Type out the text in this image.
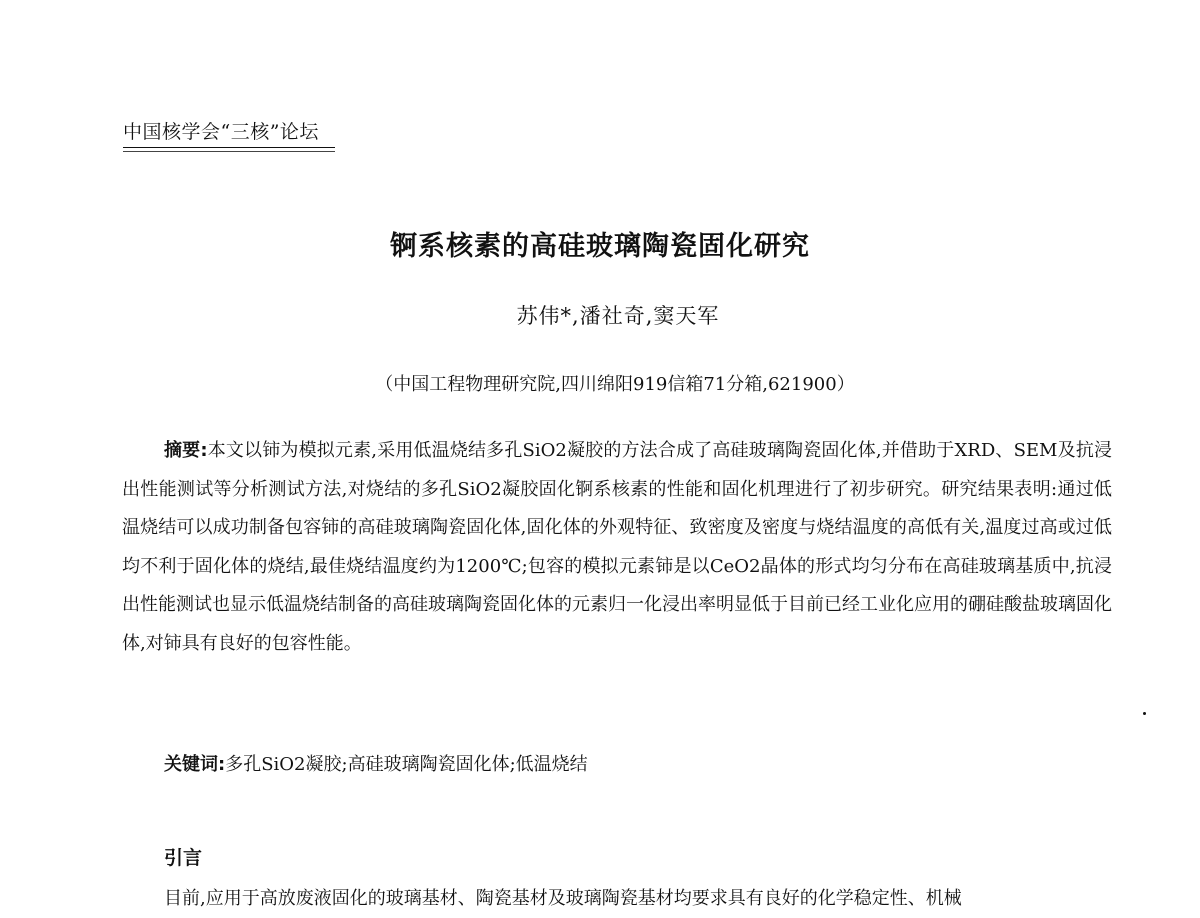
中国核学会“三核”论坛
锕系核素的高硅玻璃陶瓷固化研究
苏伟*,潘社奇,窦天军
（中国工程物理研究院,四川绵阳919信箱71分箱,621900）

摘要:本文以铈为模拟元素,采用低温烧结多孔SiO2凝胶的方法合成了高硅玻璃陶瓷固化体,并借助于XRD、SEM及抗浸出性能测试等分析测试方法,对烧结的多孔SiO2凝胶固化锕系核素的性能和固化机理进行了初步研究。研究结果表明:通过低温烧结可以成功制备包容铈的高硅玻璃陶瓷固化体,固化体的外观特征、致密度及密度与烧结温度的高低有关,温度过高或过低均不利于固化体的烧结,最佳烧结温度约为1200℃;包容的模拟元素铈是以CeO2晶体的形式均匀分布在高硅玻璃基质中,抗浸出性能测试也显示低温烧结制备的高硅玻璃陶瓷固化体的元素归一化浸出率明显低于目前已经工业化应用的硼硅酸盐玻璃固化体,对铈具有良好的包容性能。

关键词:多孔SiO2凝胶;高硅玻璃陶瓷固化体;低温烧结
引言
目前,应用于高放废液固化的玻璃基材、陶瓷基材及玻璃陶瓷基材均要求具有良好的化学稳定性、机械
